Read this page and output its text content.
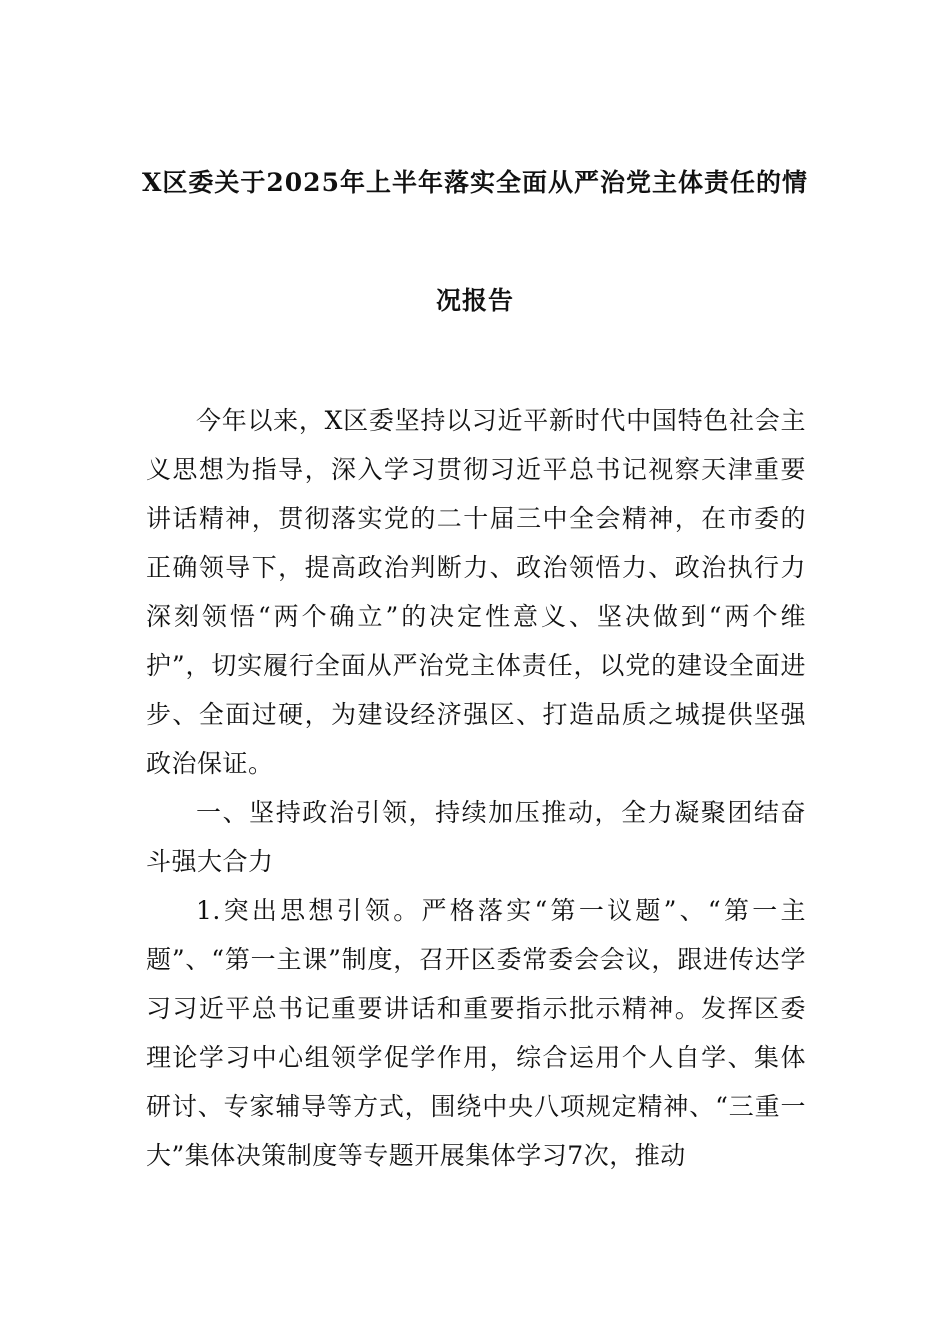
X区委关于2025年上半年落实全面从严治党主体责任的情
况报告

今年以来，X区委坚持以习近平新时代中国特色社会主义思想为指导，深入学习贯彻习近平总书记视察天津重要讲话精神，贯彻落实党的二十届三中全会精神，在市委的正确领导下，提高政治判断力、政治领悟力、政治执行力深刻领悟“两个确立”的决定性意义、坚决做到“两个维护”，切实履行全面从严治党主体责任，以党的建设全面进步、全面过硬，为建设经济强区、打造品质之城提供坚强政治保证。

一、坚持政治引领，持续加压推动，全力凝聚团结奋斗强大合力

1.突出思想引领。严格落实“第一议题”、“第一主题”、“第一主课”制度，召开区委常委会会议，跟进传达学习习近平总书记重要讲话和重要指示批示精神。发挥区委理论学习中心组领学促学作用，综合运用个人自学、集体研讨、专家辅导等方式，围绕中央八项规定精神、“三重一大”集体决策制度等专题开展集体学习7次，推动
